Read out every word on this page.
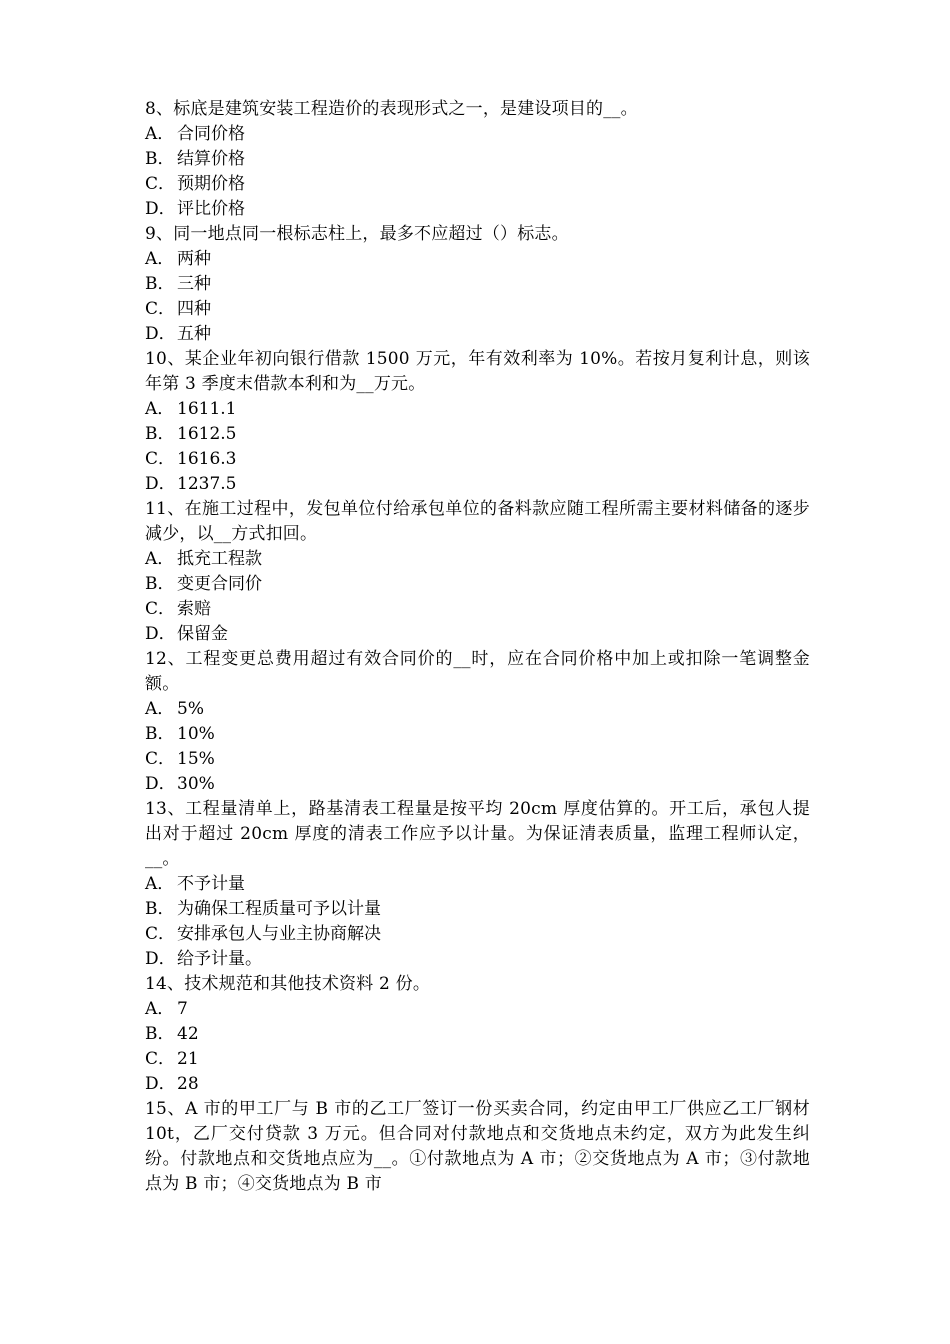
8、标底是建筑安装工程造价的表现形式之一，是建设项目的__。
A． 合同价格
B． 结算价格
C． 预期价格
D．评比价格
9、同一地点同一根标志柱上，最多不应超过（）标志。
A． 两种
B． 三种
C． 四种
D．五种
10、某企业年初向银行借款 1500 万元，年有效利率为 10%。若按月复利计息，则该年第 3 季度末借款本利和为__万元。
A． 1611.1
B． 1612.5
C． 1616.3
D．1237.5
11、在施工过程中，发包单位付给承包单位的备料款应随工程所需主要材料储备的逐步减少，以__方式扣回。
A． 抵充工程款
B． 变更合同价
C． 索赔
D．保留金
12、工程变更总费用超过有效合同价的__时，应在合同价格中加上或扣除一笔调整金额。
A． 5%
B． 10%
C． 15%
D．30%
13、工程量清单上，路基清表工程量是按平均 20cm 厚度估算的。开工后，承包人提出对于超过 20cm 厚度的清表工作应予以计量。为保证清表质量，监理工程师认定，__。
A． 不予计量
B． 为确保工程质量可予以计量
C． 安排承包人与业主协商解决
D．给予计量。
14、技术规范和其他技术资料 2 份。
A． 7
B． 42
C． 21
D．28
15、A 市的甲工厂与 B 市的乙工厂签订一份买卖合同，约定由甲工厂供应乙工厂钢材 10t，乙厂交付贷款 3 万元。但合同对付款地点和交货地点未约定，双方为此发生纠纷。付款地点和交货地点应为__。①付款地点为 A 市；②交货地点为 A 市；③付款地点为 B 市；④交货地点为 B 市
